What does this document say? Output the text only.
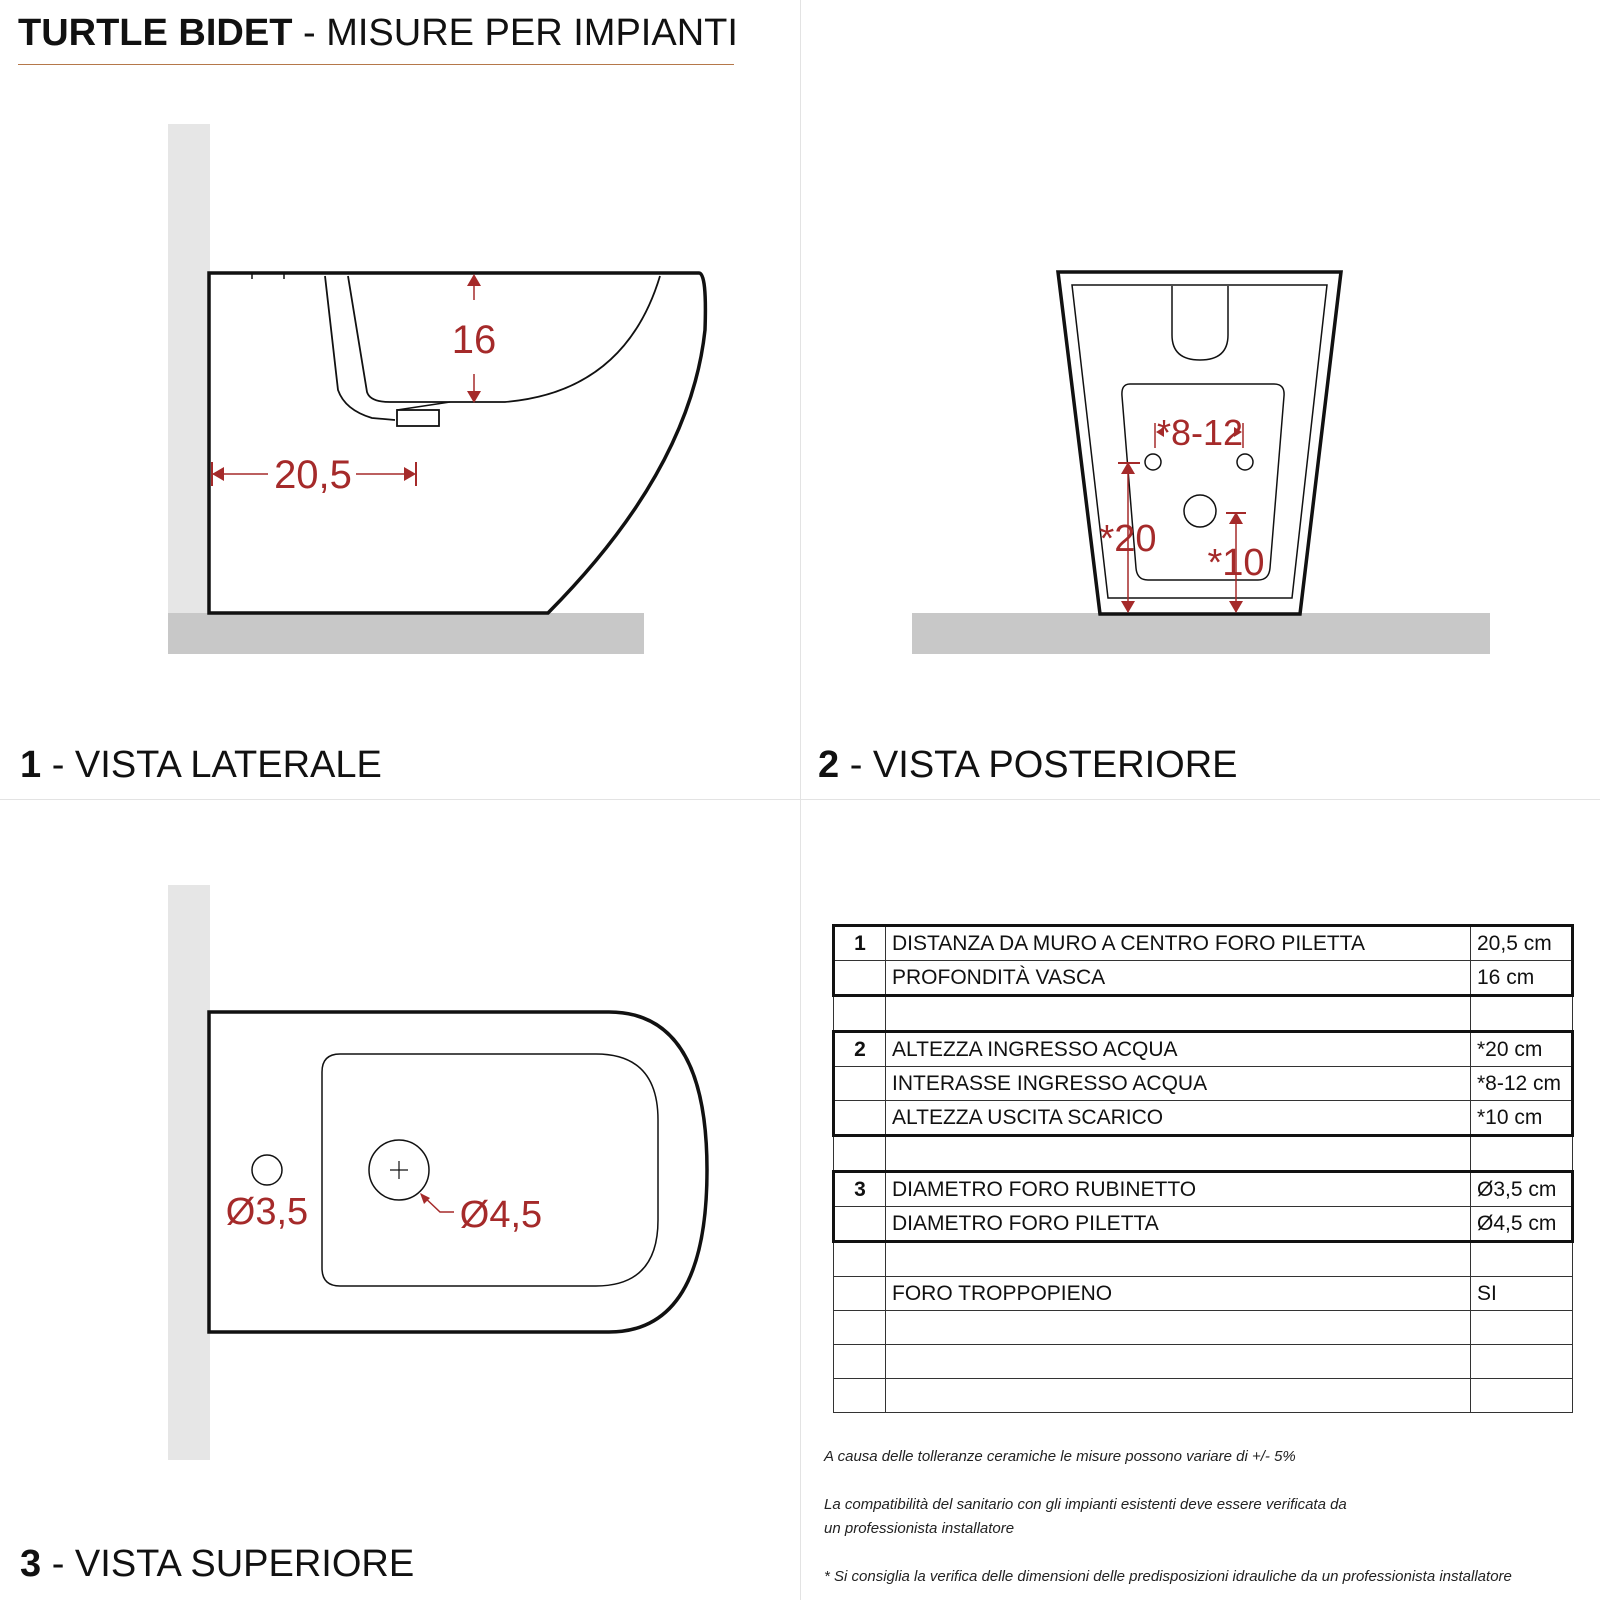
TURTLE BIDET - MISURE PER IMPIANTI
16
20,5
*8-12
*20
*10
Ø3,5	Ø4,5
1 - VISTA LATERALE	2 - VISTA POSTERIORE
3 - VISTA SUPERIORE
1	DISTANZA DA MURO A CENTRO FORO PILETTA	20,5 cm
	PROFONDITÀ VASCA	16 cm

2	ALTEZZA INGRESSO ACQUA	*20 cm
	INTERASSE INGRESSO ACQUA	*8-12 cm
	ALTEZZA USCITA SCARICO	*10 cm

3	DIAMETRO FORO RUBINETTO	Ø3,5 cm
	DIAMETRO FORO PILETTA	Ø4,5 cm

	FORO TROPPOPIENO	SI

A causa delle tolleranze ceramiche le misure possono variare di +/- 5%
La compatibilità del sanitario con gli impianti esistenti deve essere verificata da
un professionista installatore
* Si consiglia la verifica delle dimensioni delle predisposizioni idrauliche da un professionista installatore
